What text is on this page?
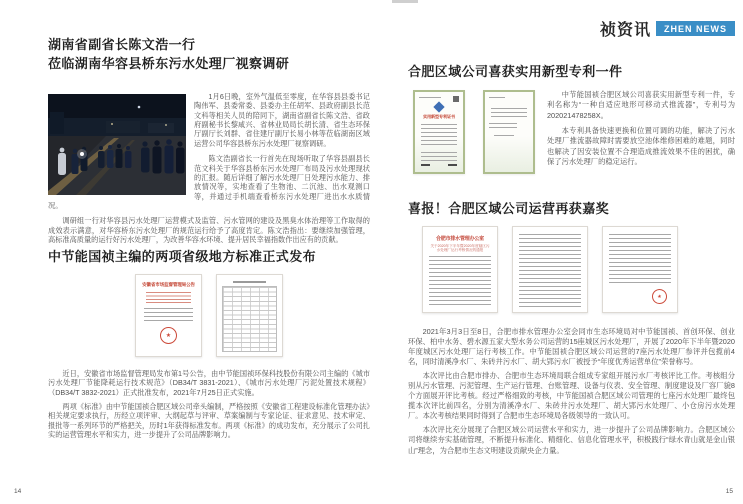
祯资讯	ZHEN NEWS
湖南省副省长陈文浩一行
莅临湖南华容县桥东污水处理厂视察调研

1月6日晚，室外气温低至零度，在华容县县委书记陶伟军、县委常委、县委办主任胡军、县政府副县长范文科等相关人员的陪同下，湖南省副省长陈文浩、省政府副秘书长黎咸兴、省林业局局长胡长清、省生态环保厅副厅长刘群、省住建厅副厅长易小林等莅临湖南区域运营公司华容县桥东污水处理厂视察调研。

陈文浩副省长一行首先在现场听取了华容县副县长范文科关于华容县桥东污水处理厂布局及污水处理现状的汇报。随后详细了解污水处理厂日处理污水能力、排放情况等，实地查看了生物池、二沉池、出水观测口等，并通过手机端查看桥东污水处理厂进出水水质情况。

调研组一行对华容县污水处理厂运营模式及监管、污水管网的建设及黑臭水体治理等工作取得的成效表示满意，对华容桥东污水处理厂的规范运行给予了高度肯定。陈文浩指出：要继续加强管理，高标准高质量的运行好污水处理厂，为改善华容水环境、提升居民幸福指数作出应有的贡献。

中节能国祯主编的两项省级地方标准正式发布
安徽省市场监督管理局公告
★

近日，安徽省市场监督管理局发布第1号公告，由中节能国祯环保科技股份有限公司主编的《城市污水处理厂节能降耗运行技术规范》（DB34/T 3831-2021）、《城市污水处理厂污泥处置技术规程》（DB34/T 3832-2021）正式批准发布，2021年7月25日正式实施。

两项《标准》由中节能国祯合肥区域公司牵头编制，严格按照《安徽省工程建设标准化管理办法》相关规定要求执行，历经立项评审、大纲起草与评审、草案编制与专家论证、征求意见、技术审定、报批等一系列环节的严格把关，历时1年获得标准发布。两项《标准》的成功发布，充分展示了公司扎实的运营管理水平和实力，进一步提升了公司品牌影响力。

14
合肥区域公司喜获实用新型专利一件
实用新型专利证书

中节能国祯合肥区域公司喜获实用新型专利一件，专利名称为“一种自适应地形可移动式推流器”，专利号为202021478258X。

本专利具备快速更换和位置可调的功能，解决了污水处理厂推流器故障时需要放空池体维修困难的难题，同时也解决了因安装位置不合理造成推流效果不佳的困扰，确保了污水处理厂的稳定运行。

喜报！合肥区域公司运营再获嘉奖
合肥市排水管理办公室
关于2020年下半年暨2020年度辖区污水处理厂运行考核情况的通报
★

2021年3月3日至8日，合肥市排水管理办公室会同市生态环境局对中节能国祯、首创环保、创业环保、柏中水务、碧水源五家大型水务公司运营的15座城区污水处理厂，开展了2020年下半年暨2020年度城区污水处理厂运行考核工作。中节能国祯合肥区域公司运营的7座污水处理厂参评并包揽前4名，同时清溪净水厂、朱砖井污水厂、胡大郢污水厂被授予“年度优秀运营单位”荣誉称号。

本次评比由合肥市排办、合肥市生态环境局联合组成专家组开展污水厂考核评比工作。考核组分别从污水管理、污泥管理、生产运行管理、台账管理、设备与仪表、安全管理、制度建设及厂容厂貌8个方面展开评比考核。经过严格细致的考核，中节能国祯合肥区域公司管理的七座污水处理厂最终包揽本次评比前四名，分别为清溪净水厂、朱砖井污水处理厂、胡大郢污水处理厂、小仓房污水处理厂。本次考核结果同时得到了合肥市生态环境局各级领导的一致认可。

本次评比充分展现了合肥区域公司运营水平和实力，进一步提升了公司品牌影响力。合肥区域公司将继续夯实基础管理，不断提升标准化、精细化、信息化管理水平，积极践行“绿水青山就是金山银山”理念，为合肥市生态文明建设贡献央企力量。

15
